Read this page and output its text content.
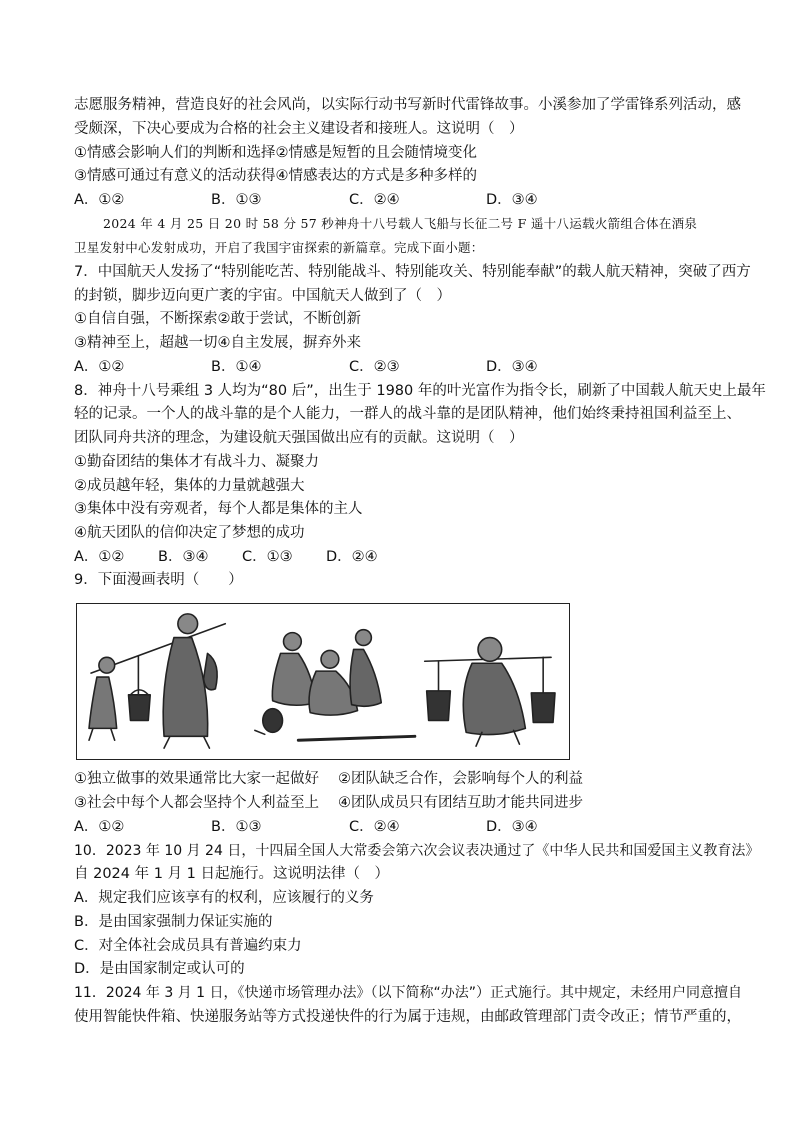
志愿服务精神，营造良好的社会风尚，以实际行动书写新时代雷锋故事。小溪参加了学雷锋系列活动，感
受颇深，下决心要成为合格的社会主义建设者和接班人。这说明（　）
①情感会影响人们的判断和选择②情感是短暂的且会随情境变化
③情感可通过有意义的活动获得④情感表达的方式是多种多样的
A．①②	B．①③	C．②④	D．③④
2024 年 4 月 25 日 20 时 58 分 57 秒神舟十八号载人飞船与长征二号 F 遥十八运载火箭组合体在酒泉
卫星发射中心发射成功，开启了我国宇宙探索的新篇章。完成下面小题：
7．中国航天人发扬了“特别能吃苦、特别能战斗、特别能攻关、特别能奉献”的载人航天精神，突破了西方
的封锁，脚步迈向更广袤的宇宙。中国航天人做到了（　）
①自信自强，不断探索②敢于尝试，不断创新
③精神至上，超越一切④自主发展，摒弃外来
A．①②	B．①④	C．②③	D．③④
8．神舟十八号乘组 3 人均为“80 后”，出生于 1980 年的叶光富作为指令长，刷新了中国载人航天史上最年
轻的记录。一个人的战斗靠的是个人能力，一群人的战斗靠的是团队精神，他们始终秉持祖国利益至上、
团队同舟共济的理念，为建设航天强国做出应有的贡献。这说明（　）
①勤奋团结的集体才有战斗力、凝聚力
②成员越年轻，集体的力量就越强大
③集体中没有旁观者，每个人都是集体的主人
④航天团队的信仰决定了梦想的成功
A．①② B．③④ C．①③ D．②④
9．下面漫画表明（　　）
①独立做事的效果通常比大家一起做好 ②团队缺乏合作，会影响每个人的利益
③社会中每个人都会坚持个人利益至上 ④团队成员只有团结互助才能共同进步
A．①②	B．①③	C．②④	D．③④
10．2023 年 10 月 24 日，十四届全国人大常委会第六次会议表决通过了《中华人民共和国爱国主义教育法》
自 2024 年 1 月 1 日起施行。这说明法律（　）
A．规定我们应该享有的权利，应该履行的义务
B．是由国家强制力保证实施的
C．对全体社会成员具有普遍约束力
D．是由国家制定或认可的
11．2024 年 3 月 1 日，《快递市场管理办法》（以下简称“办法”）正式施行。其中规定，未经用户同意擅自
使用智能快件箱、快递服务站等方式投递快件的行为属于违规，由邮政管理部门责令改正；情节严重的，
